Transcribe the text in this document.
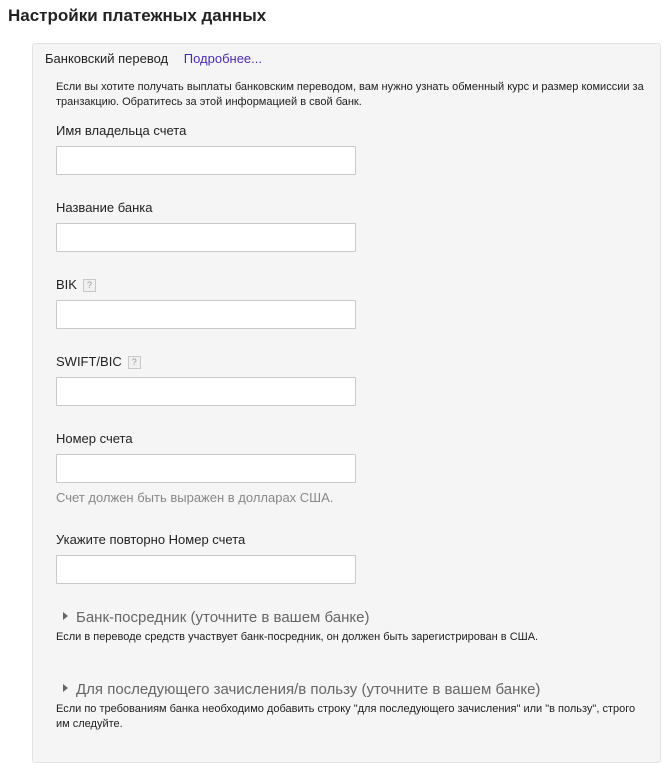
Настройки платежных данных
Банковский перевод Подробнее...
Если вы хотите получать выплаты банковским переводом, вам нужно узнать обменный курс и размер комиссии за транзакцию. Обратитесь за этой информацией в свой банк.
Имя владельца счета
Название банка
BIK ?
SWIFT/BIC ?
Номер счета
Счет должен быть выражен в долларах США.
Укажите повторно Номер счета
Банк-посредник (уточните в вашем банке)
Если в переводе средств участвует банк-посредник, он должен быть зарегистрирован в США.
Для последующего зачисления/в пользу (уточните в вашем банке)
Если по требованиям банка необходимо добавить строку "для последующего зачисления" или "в пользу", строго им следуйте.
